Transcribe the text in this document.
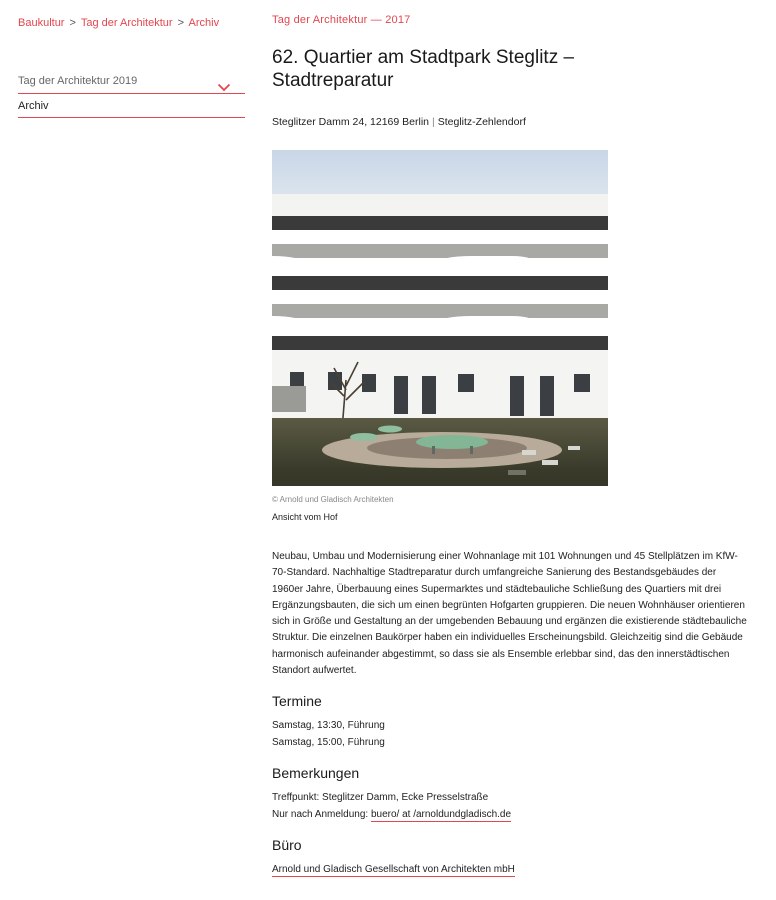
Baukultur > Tag der Architektur > Archiv
Tag der Architektur 2019
Archiv
Tag der Architektur — 2017
62. Quartier am Stadtpark Steglitz –
Stadtreparatur
Steglitzer Damm 24, 12169 Berlin | Steglitz-Zehlendorf
© Arnold und Gladisch Architekten
Ansicht vom Hof

Neubau, Umbau und Modernisierung einer Wohnanlage mit 101 Wohnungen und 45 Stellplätzen im KfW-70-Standard. Nachhaltige Stadtreparatur durch umfangreiche Sanierung des Bestandsgebäudes der 1960er Jahre, Überbauung eines Supermarktes und städtebauliche Schließung des Quartiers mit drei Ergänzungsbauten, die sich um einen begrünten Hofgarten gruppieren. Die neuen Wohnhäuser orientieren sich in Größe und Gestaltung an der umgebenden Bebauung und ergänzen die existierende städtebauliche Struktur. Die einzelnen Baukörper haben ein individuelles Erscheinungsbild. Gleichzeitig sind die Gebäude harmonisch aufeinander abgestimmt, so dass sie als Ensemble erlebbar sind, das den innerstädtischen Standort aufwertet.

Termine
Samstag, 13:30, Führung
Samstag, 15:00, Führung
Bemerkungen
Treffpunkt: Steglitzer Damm, Ecke Presselstraße
Nur nach Anmeldung: buero/ at /arnoldundgladisch.de
Büro
Arnold und Gladisch Gesellschaft von Architekten mbH
